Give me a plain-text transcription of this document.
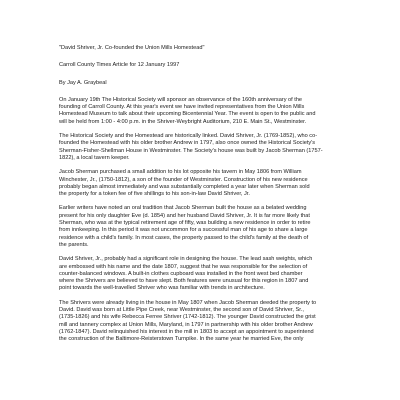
"David Shriver, Jr. Co-founded the Union Mills Homestead"

Carroll County Times Article for 12 January 1997

By Jay A. Graybeal

On January 19th The Historical Society will sponsor an observance of the 160th anniversary of the

founding of Carroll County. At this year's event we have invited representatives from the Union Mills

Homestead Museum to talk about their upcoming Bicentennial Year. The event is open to the public and

will be held from 1:00 - 4:00 p.m. in the Shriver-Weybright Auditorium, 210 E. Main St., Westminster.

The Historical Society and the Homestead are historically linked. David Shriver, Jr. (1769-1852), who co-

founded the Homestead with his older brother Andrew in 1797, also once owned the Historical Society's

Sherman-Fisher-Shellman House in Westminster. The Society's house was built by Jacob Sherman (1757-

1822), a local tavern keeper.

Jacob Sherman purchased a small addition to his lot opposite his tavern in May 1806 from William

Winchester, Jr., (1750-1812), a son of the founder of Westminster. Construction of his new residence

probably began almost immediately and was substantially completed a year later when Sherman sold

the property for a token fee of five shillings to his son-in-law David Shriver, Jr.

Earlier writers have noted an oral tradition that Jacob Sherman built the house as a belated wedding

present for his only daughter Eve (d. 1854) and her husband David Shriver, Jr. It is far more likely that

Sherman, who was at the typical retirement age of fifty, was building a new residence in order to retire

from innkeeping. In this period it was not uncommon for a successful man of his age to share a large

residence with a child's family. In most cases, the property passed to the child's family at the death of

the parents.

David Shriver, Jr., probably had a significant role in designing the house. The lead sash weights, which

are embossed with his name and the date 1807, suggest that he was responsible for the selection of

counter-balanced windows. A built-in clothes cupboard was installed in the front west bed chamber

where the Shrivers are believed to have slept. Both features were unusual for this region in 1807 and

point towards the well-travelled Shriver who was familiar with trends in architecture.

The Shrivers were already living in the house in May 1807 when Jacob Sherman deeded the property to

David. David was born at Little Pipe Creek, near Westminster, the second son of David Shriver, Sr.,

(1735-1826) and his wife Rebecca Ferree Shriver (1742-1812). The younger David constructed the grist

mill and tannery complex at Union Mills, Maryland, in 1797 in partnership with his older brother Andrew

(1762-1847). David relinquished his interest in the mill in 1803 to accept an appointment to superintend

the construction of the Baltimore-Reisterstown Turnpike. In the same year he married Eve, the only
